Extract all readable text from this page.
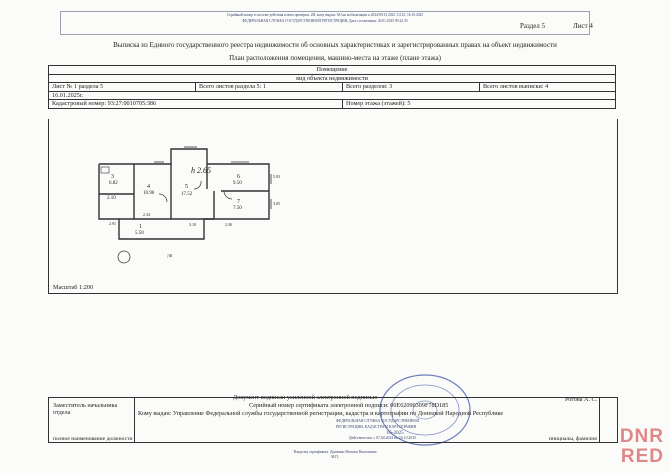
Серийный номер в системе действия ключа проверки: 2Н, кому выдан: АО на мобилизации к 2024/05/13 2025 1/4 23, 16.10.2025
ФЕДЕРАЛЬНАЯ СЛУЖБА ГОСУДАРСТВЕННОЙ РЕГИСТРАЦИИ, Дата составления: 20.01.2025 09:22:35
Раздел 5	Лист 4
Выписка из Единого государственного реестра недвижимости об основных характеристиках и зарегистрированных правах на объект недвижимости
План расположения помещения, машино-места на этаже (плане этажа)
Помещение			
вид объекта недвижимости			
Лист № 1 раздела 5	Всего листов раздела 5: 1	Всего разделов: 3	Всего листов выписки: 4
16.01.2025г.			
Кадастровый номер: 93:27:0010705:386		Номер этажа (этажей): 5	
h 2.65
ЛК
3
6.82
2.10
4
10.96
5
17.52
6
9.50
7
7.50
1
5.50
2.34
3.10	2.30
5.03
3.05
2.91
Масштаб 1:200
Заместитель начальника отдела
полное наименование должности
Документ подписан усиленной электронной подписью
Серийный номер сертификата электронной подписи: 00E62090309F78D185
Кому выдан: Управление Федеральной службы государственной регистрации, кадастра и картографии по Донецкой Народной Республике
ФЕДЕРАЛЬНАЯ СЛУЖБА ГОСУДАРСТВЕННОЙ
РЕГИСТРАЦИИ, КАДАСТРА И КАРТОГРАФИИ
05-2025
Действителен: с 07.04.2024 по 16.10.2025
Рогова А. С.
инициалы, фамилия
Владелец сертификата: Дьяченко Наталья Васильевна
М.П.
DNR
RED
